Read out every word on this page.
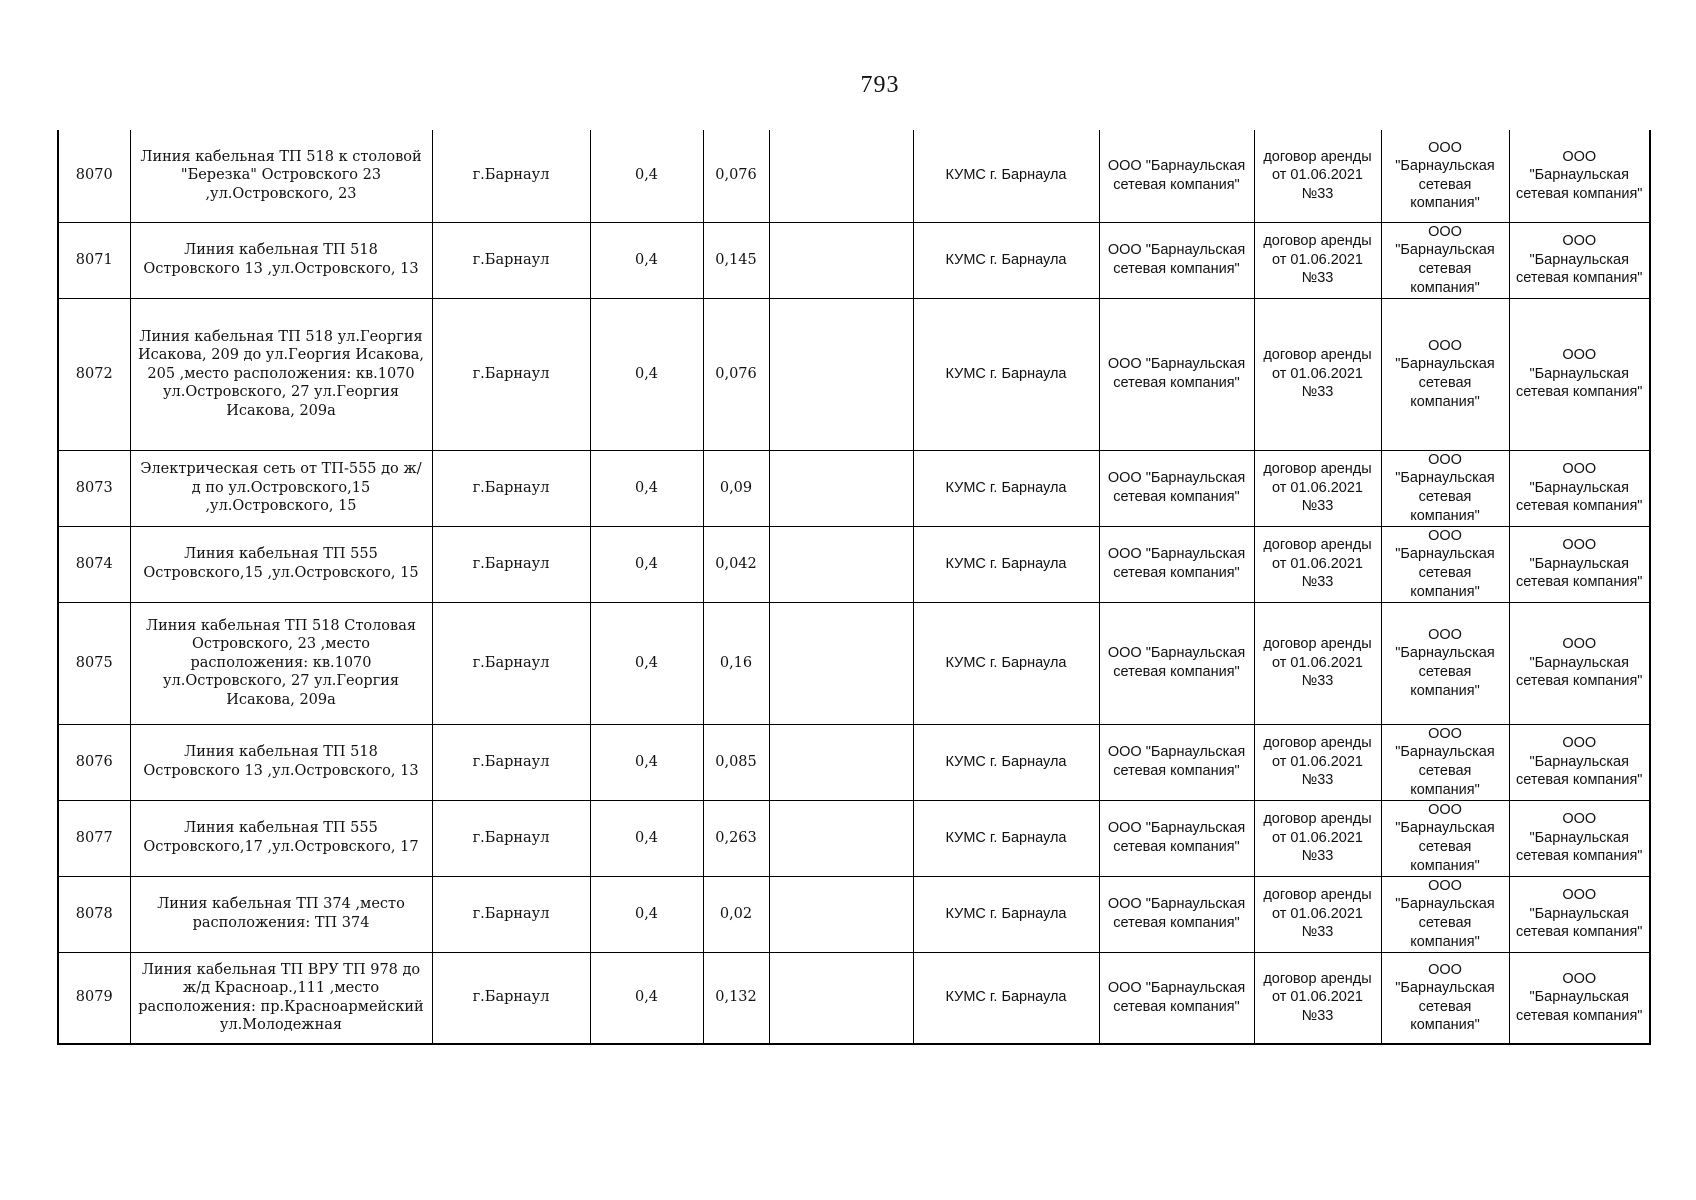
793
8070	Линия кабельная ТП 518 к столовой "Березка" Островского 23 ,ул.Островского, 23	г.Барнаул	0,4	0,076		КУМС г. Барнаула	ООО "Барнаульская сетевая компания"	договор аренды от 01.06.2021 №33	ООО "Барнаульская сетевая компания"	ООО "Барнаульская сетевая компания"
8071	Линия кабельная ТП 518 Островского 13 ,ул.Островского, 13	г.Барнаул	0,4	0,145		КУМС г. Барнаула	ООО "Барнаульская сетевая компания"	договор аренды от 01.06.2021 №33	ООО "Барнаульская сетевая компания"	ООО "Барнаульская сетевая компания"
8072	Линия кабельная ТП 518 ул.Георгия Исакова, 209 до ул.Георгия Исакова, 205 ,место расположения: кв.1070 ул.Островского, 27 ул.Георгия Исакова, 209а	г.Барнаул	0,4	0,076		КУМС г. Барнаула	ООО "Барнаульская сетевая компания"	договор аренды от 01.06.2021 №33	ООО "Барнаульская сетевая компания"	ООО "Барнаульская сетевая компания"
8073	Электрическая сеть от ТП-555 до ж/д по ул.Островского,15 ,ул.Островского, 15	г.Барнаул	0,4	0,09		КУМС г. Барнаула	ООО "Барнаульская сетевая компания"	договор аренды от 01.06.2021 №33	ООО "Барнаульская сетевая компания"	ООО "Барнаульская сетевая компания"
8074	Линия кабельная ТП 555 Островского,15 ,ул.Островского, 15	г.Барнаул	0,4	0,042		КУМС г. Барнаула	ООО "Барнаульская сетевая компания"	договор аренды от 01.06.2021 №33	ООО "Барнаульская сетевая компания"	ООО "Барнаульская сетевая компания"
8075	Линия кабельная ТП 518 Столовая Островского, 23 ,место расположения: кв.1070 ул.Островского, 27 ул.Георгия Исакова, 209а	г.Барнаул	0,4	0,16		КУМС г. Барнаула	ООО "Барнаульская сетевая компания"	договор аренды от 01.06.2021 №33	ООО "Барнаульская сетевая компания"	ООО "Барнаульская сетевая компания"
8076	Линия кабельная ТП 518 Островского 13 ,ул.Островского, 13	г.Барнаул	0,4	0,085		КУМС г. Барнаула	ООО "Барнаульская сетевая компания"	договор аренды от 01.06.2021 №33	ООО "Барнаульская сетевая компания"	ООО "Барнаульская сетевая компания"
8077	Линия кабельная ТП 555 Островского,17 ,ул.Островского, 17	г.Барнаул	0,4	0,263		КУМС г. Барнаула	ООО "Барнаульская сетевая компания"	договор аренды от 01.06.2021 №33	ООО "Барнаульская сетевая компания"	ООО "Барнаульская сетевая компания"
8078	Линия кабельная ТП 374 ,место расположения: ТП 374	г.Барнаул	0,4	0,02		КУМС г. Барнаула	ООО "Барнаульская сетевая компания"	договор аренды от 01.06.2021 №33	ООО "Барнаульская сетевая компания"	ООО "Барнаульская сетевая компания"
8079	Линия кабельная ТП ВРУ ТП 978 до ж/д Красноар.,111 ,место расположения: пр.Красноармейский ул.Молодежная	г.Барнаул	0,4	0,132		КУМС г. Барнаула	ООО "Барнаульская сетевая компания"	договор аренды от 01.06.2021 №33	ООО "Барнаульская сетевая компания"	ООО "Барнаульская сетевая компания"
